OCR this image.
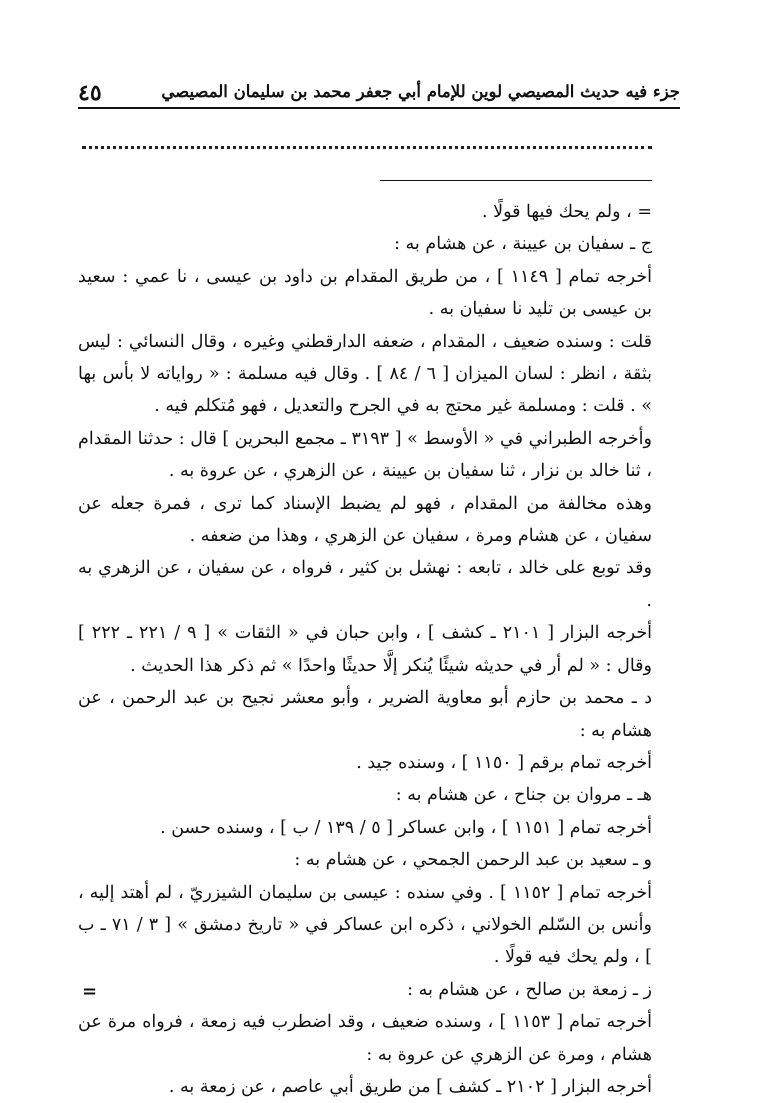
جزء فيه حديث المصيصي لوين للإمام أبي جعفر محمد بن سليمان المصيصي
٤٥

= ، ولم يحك فيها قولًا .

ج ـ سفيان بن عيينة ، عن هشام به :

أخرجه تمام [ ١١٤٩ ] ، من طريق المقدام بن داود بن عيسى ، نا عمي : سعيد بن عيسى بن تليد نا سفيان به .

قلت : وسنده ضعيف ، المقدام ، ضعفه الدارقطني وغيره ، وقال النسائي : ليس بثقة ، انظر : لسان الميزان [ ٦ / ٨٤ ] . وقال فيه مسلمة : « رواياته لا بأس بها » . قلت : ومسلمة غير محتج به في الجرح والتعديل ، فهو مُتكلم فيه .

وأخرجه الطبراني في « الأوسط » [ ٣١٩٣ ـ مجمع البحرين ] قال : حدثنا المقدام ، ثنا خالد بن نزار ، ثنا سفيان بن عيينة ، عن الزهري ، عن عروة به .

وهذه مخالفة من المقدام ، فهو لم يضبط الإسناد كما ترى ، فمرة جعله عن سفيان ، عن هشام ومرة ، سفيان عن الزهري ، وهذا من ضعفه .

وقد توبع على خالد ، تابعه : نهشل بن كثير ، فرواه ، عن سفيان ، عن الزهري به .

أخرجه البزار [ ٢١٠١ ـ كشف ] ، وابن حبان في « الثقات » [ ٩ / ٢٢١ ـ ٢٢٢ ] وقال : « لم أر في حديثه شيئًا يُنكر إلَّا حديثًا واحدًا » ثم ذكر هذا الحديث .

د ـ محمد بن حازم أبو معاوية الضرير ، وأبو معشر نجيح بن عبد الرحمن ، عن هشام به :

أخرجه تمام برقم [ ١١٥٠ ] ، وسنده جيد .

هـ ـ مروان بن جناح ، عن هشام به :

أخرجه تمام [ ١١٥١ ] ، وابن عساكر [ ٥ / ١٣٩ / ب ] ، وسنده حسن .

و ـ سعيد بن عبد الرحمن الجمحي ، عن هشام به :

أخرجه تمام [ ١١٥٢ ] . وفي سنده : عيسى بن سليمان الشيزريّ ، لم أهتد إليه ، وأنس بن السّلم الخولاني ، ذكره ابن عساكر في « تاريخ دمشق » [ ٣ / ٧١ ـ ب ] ، ولم يحك فيه قولًا .

ز ـ زمعة بن صالح ، عن هشام به :

أخرجه تمام [ ١١٥٣ ] ، وسنده ضعيف ، وقد اضطرب فيه زمعة ، فرواه مرة عن هشام ، ومرة عن الزهري عن عروة به :

أخرجه البزار [ ٢١٠٢ ـ كشف ] من طريق أبي عاصم ، عن زمعة به .

=
